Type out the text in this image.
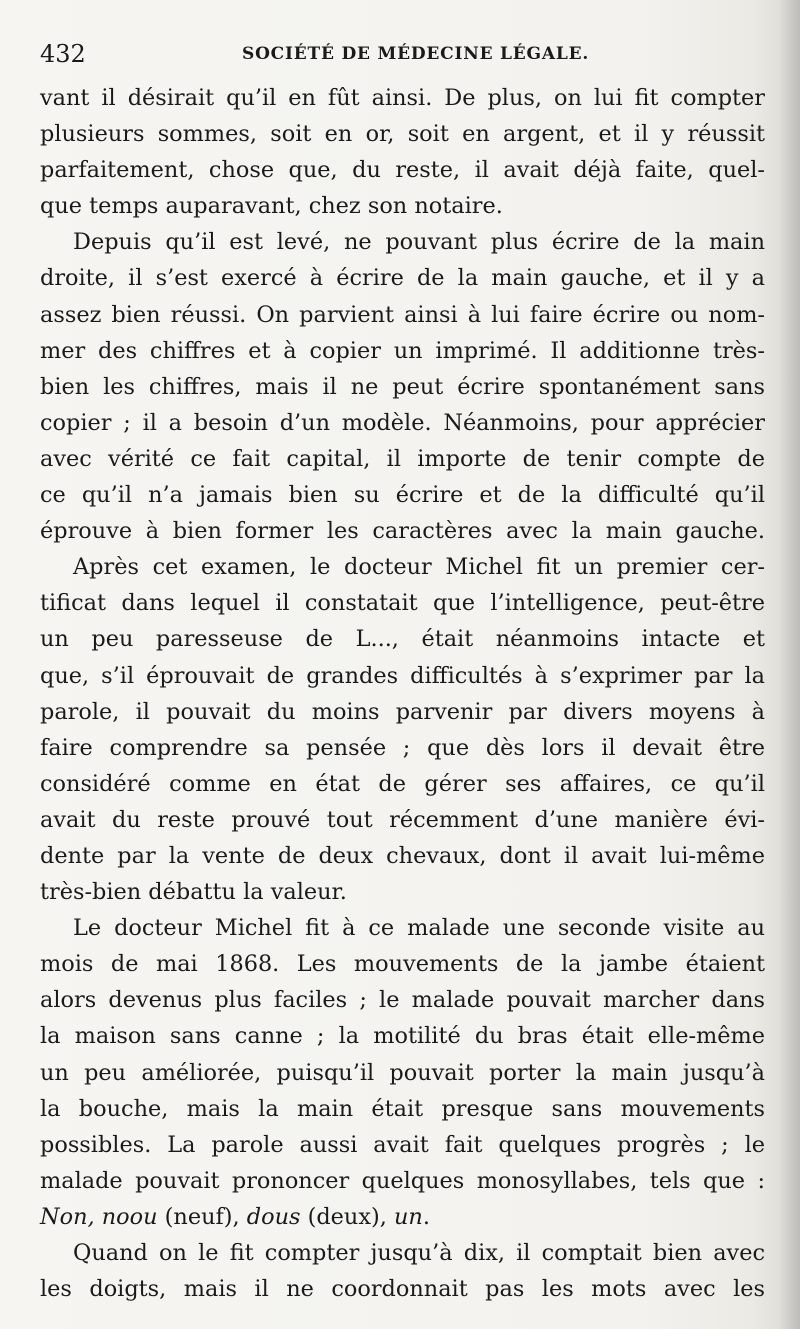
432	SOCIÉTÉ DE MÉDECINE LÉGALE.
vant il désirait qu’il en fût ainsi. De plus, on lui fit compter
plusieurs sommes, soit en or, soit en argent, et il y réussit
parfaitement, chose que, du reste, il avait déjà faite, quel-
que temps auparavant, chez son notaire.
Depuis qu’il est levé, ne pouvant plus écrire de la main
droite, il s’est exercé à écrire de la main gauche, et il y a
assez bien réussi. On parvient ainsi à lui faire écrire ou nom-
mer des chiffres et à copier un imprimé. Il additionne très-
bien les chiffres, mais il ne peut écrire spontanément sans
copier ; il a besoin d’un modèle. Néanmoins, pour apprécier
avec vérité ce fait capital, il importe de tenir compte de
ce qu’il n’a jamais bien su écrire et de la difficulté qu’il
éprouve à bien former les caractères avec la main gauche.
Après cet examen, le docteur Michel fit un premier cer-
tificat dans lequel il constatait que l’intelligence, peut-être
un peu paresseuse de L..., était néanmoins intacte et
que, s’il éprouvait de grandes difficultés à s’exprimer par la
parole, il pouvait du moins parvenir par divers moyens à
faire comprendre sa pensée ; que dès lors il devait être
considéré comme en état de gérer ses affaires, ce qu’il
avait du reste prouvé tout récemment d’une manière évi-
dente par la vente de deux chevaux, dont il avait lui-même
très-bien débattu la valeur.
Le docteur Michel fit à ce malade une seconde visite au
mois de mai 1868. Les mouvements de la jambe étaient
alors devenus plus faciles ; le malade pouvait marcher dans
la maison sans canne ; la motilité du bras était elle-même
un peu améliorée, puisqu’il pouvait porter la main jusqu’à
la bouche, mais la main était presque sans mouvements
possibles. La parole aussi avait fait quelques progrès ; le
malade pouvait prononcer quelques monosyllabes, tels que :
Non, noou (neuf), dous (deux), un.
Quand on le fit compter jusqu’à dix, il comptait bien avec
les doigts, mais il ne coordonnait pas les mots avec les
